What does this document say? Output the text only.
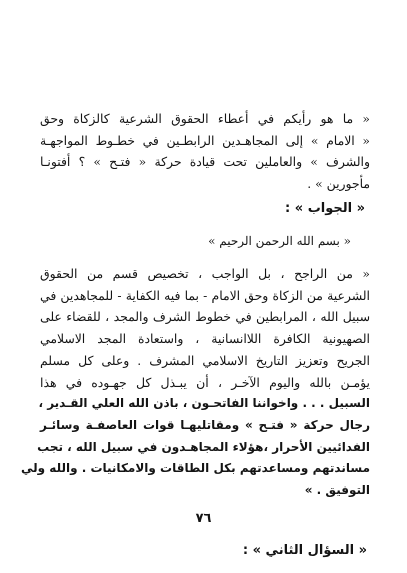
« ما هو رأيكم في أعطاء الحقوق الشرعية كالزكاة وحق
« الامام » إلى المجاهـدين الرابطـين في خطـوط المواجهـة
والشرف » والعاملين تحت قيادة حركة « فتـح » ؟ أفتونـا
مأجورين » .
« الجواب » :
« بسم الله الرحمن الرحيم »
« من الراجح ، بل الواجب ، تخصيص قسم من الحقوق
الشرعية من الزكاة وحق الامام - بما فيه الكفاية - للمجاهدين في
سبيل الله ، المرابطين في خطوط الشرف والمجد ، للقضاء على
الصهيونية الكافرة اللاانسانية ، واستعادة المجد الاسلامي
الجريح وتعزيز التاريخ الاسلامي المشرف . وعلى كل مسلم
يؤمـن بالله واليوم الآخـر ، أن يبـذل كل جهـوده في هذا
السبيل . . . واخواننا الفاتحـون ، باذن الله العلي القـدير ،
رجال حركة « فتـح » ومقاتليهـا قوات العاصفـة وسائـر
الفدائيين الأحرار ،هؤلاء المجاهـدون في سبيل الله ، تجب
مساندتهم ومساعدتهم بكل الطاقات والامكانيات . والله ولي
التوفيق . »
٧٦
« السؤال الثاني » :
